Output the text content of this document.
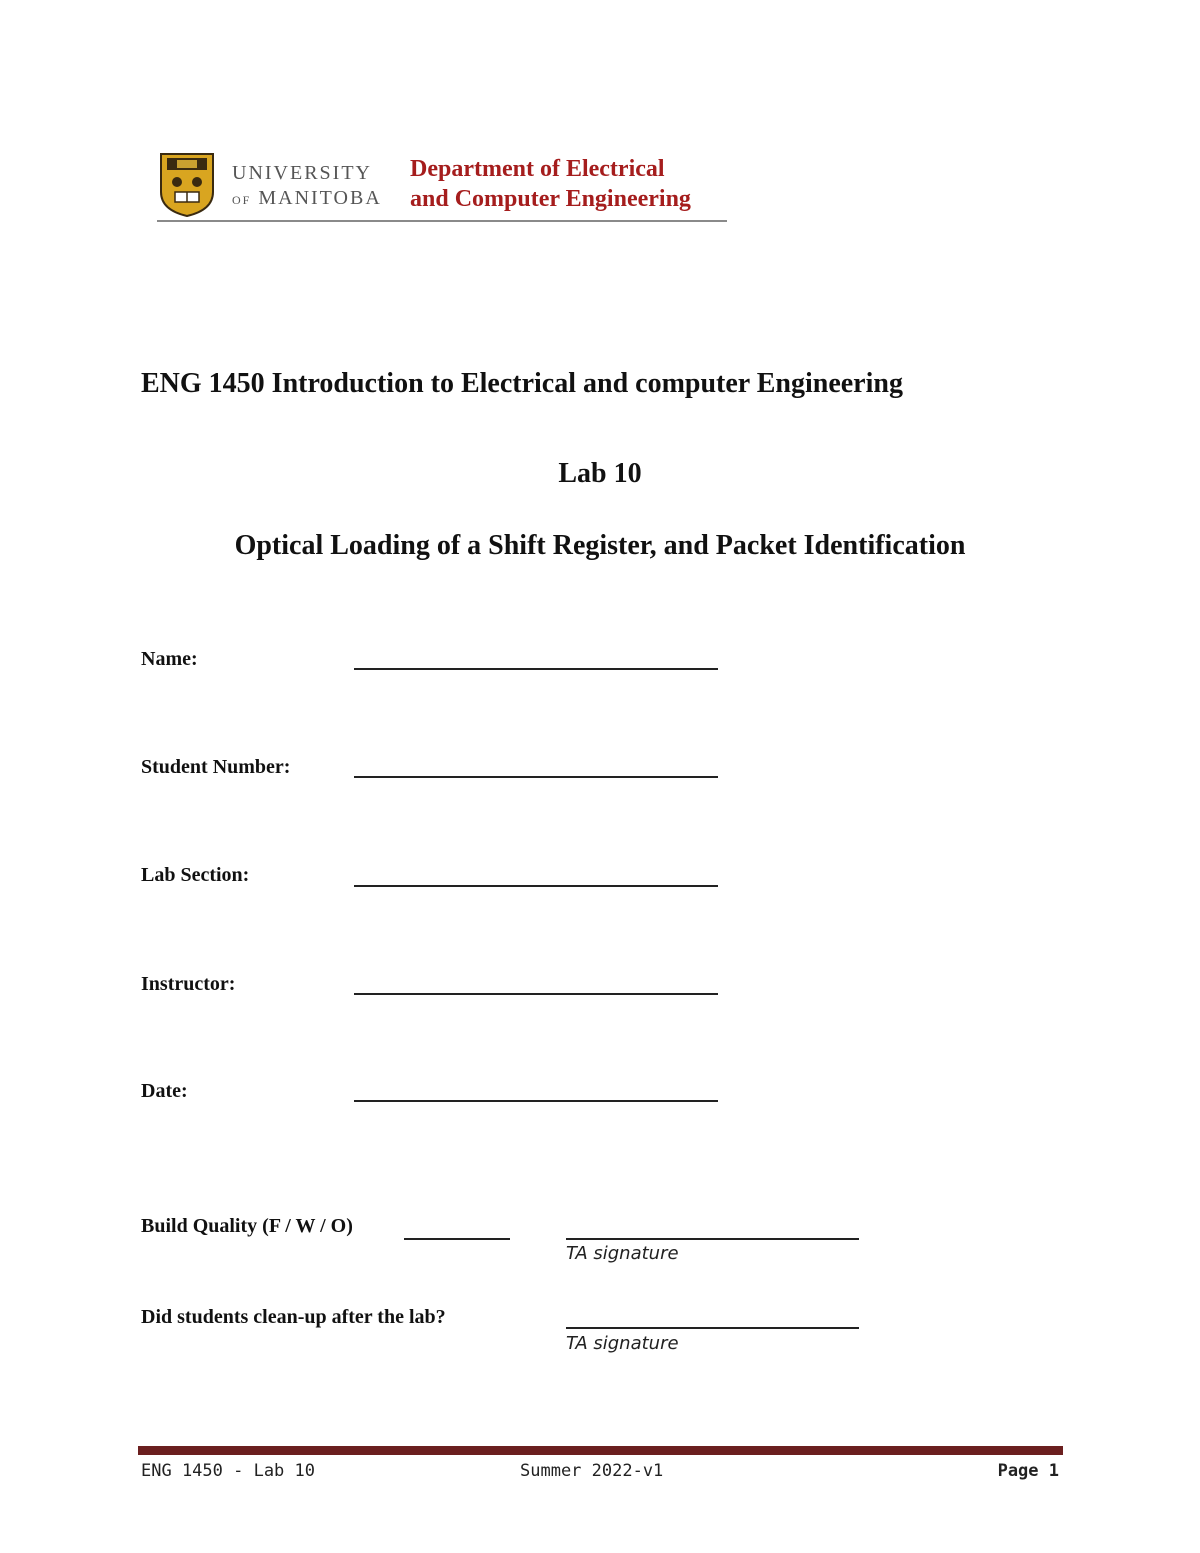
UNIVERSITY
OF MANITOBA
Department of Electrical
and Computer Engineering
ENG 1450 Introduction to Electrical and computer Engineering
Lab 10
Optical Loading of a Shift Register, and Packet Identification
Name:
Student Number:
Lab Section:
Instructor:
Date:
Build Quality (F / W / O)
TA signature
Did students clean-up after the lab?
TA signature
ENG 1450 - Lab 10	Summer 2022-v1	Page 1
